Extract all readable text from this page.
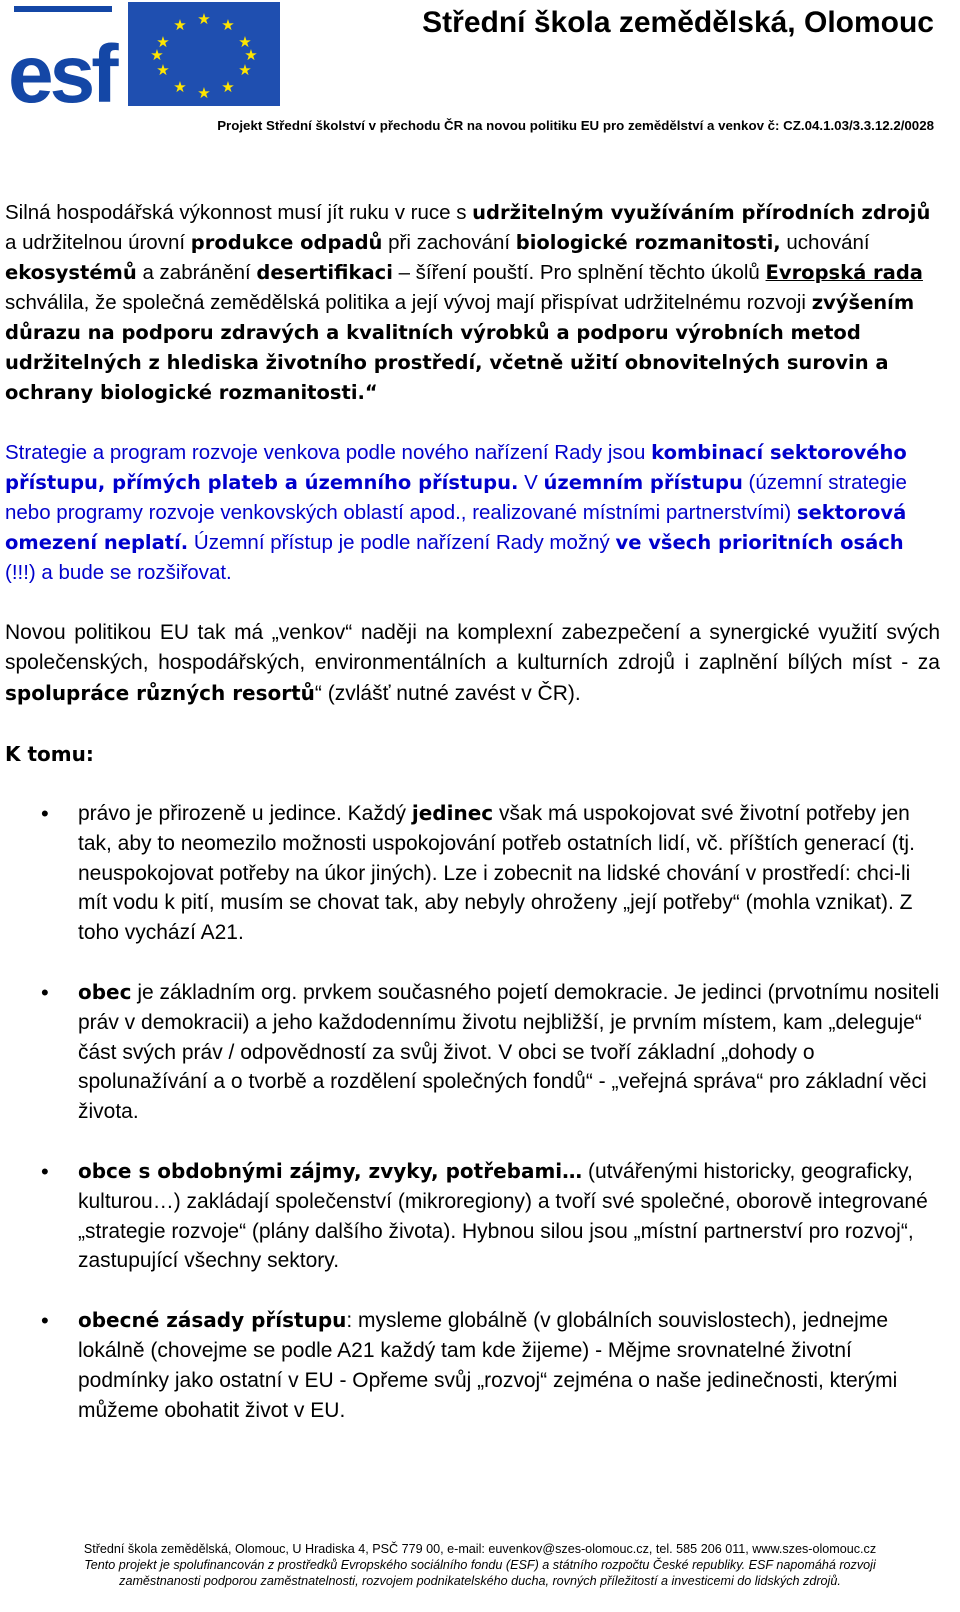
esf
★ ★
★
★
★
★
★
★
★
★
★
★	Střední škola zemědělská, Olomouc
Projekt Střední školství v přechodu ČR na novou politiku EU pro zemědělství a venkov č: CZ.04.1.03/3.3.12.2/0028

Silná hospodářská výkonnost musí jít ruku v ruce s udržitelným využíváním přírodních zdrojů a udržitelnou úrovní produkce odpadů při zachování biologické rozmanitosti, uchování ekosystémů a zabránění desertifikaci – šíření pouští. Pro splnění těchto úkolů Evropská rada schválila, že společná zemědělská politika a její vývoj mají přispívat udržitelnému rozvoji zvýšením důrazu na podporu zdravých a kvalitních výrobků a podporu výrobních metod udržitelných z hlediska životního prostředí, včetně užití obnovitelných surovin a ochrany biologické rozmanitosti.“

Strategie a program rozvoje venkova podle nového nařízení Rady jsou kombinací sektorového přístupu, přímých plateb a územního přístupu. V územním přístupu (územní strategie nebo programy rozvoje venkovských oblastí apod., realizované místními partnerstvími) sektorová omezení neplatí. Územní přístup je podle nařízení Rady možný ve všech prioritních osách (!!!) a bude se rozšiřovat.

Novou politikou EU tak má „venkov“ naději na komplexní zabezpečení a synergické využití svých společenských, hospodářských, environmentálních a kulturních zdrojů i zaplnění bílých míst - za spolupráce různých resortů“ (zvlášť nutné zavést v ČR).

K tomu:

• právo je přirozeně u jedince. Každý jedinec však má uspokojovat své životní potřeby jen tak, aby to neomezilo možnosti uspokojování potřeb ostatních lidí, vč. příštích generací (tj. neuspokojovat potřeby na úkor jiných). Lze i zobecnit na lidské chování v prostředí: chci-li mít vodu k pití, musím se chovat tak, aby nebyly ohroženy „její potřeby“ (mohla vznikat). Z toho vychází A21.
• obec je základním org. prvkem současného pojetí demokracie. Je jedinci (prvotnímu nositeli práv v demokracii) a jeho každodennímu životu nejbližší, je prvním místem, kam „deleguje“ část svých práv / odpovědností za svůj život. V obci se tvoří základní „dohody o spolunažívání a o tvorbě a rozdělení společných fondů“ - „veřejná správa“ pro základní věci života.
• obce s obdobnými zájmy, zvyky, potřebami… (utvářenými historicky, geograficky, kulturou…) zakládají společenství (mikroregiony) a tvoří své společné, oborově integrované „strategie rozvoje“ (plány dalšího života). Hybnou silou jsou „místní partnerství pro rozvoj“, zastupující všechny sektory.
• obecné zásady přístupu: mysleme globálně (v globálních souvislostech), jednejme lokálně (chovejme se podle A21 každý tam kde žijeme) - Mějme srovnatelné životní podmínky jako ostatní v EU - Opřeme svůj „rozvoj“ zejména o naše jedinečnosti, kterými můžeme obohatit život v EU.
Střední škola zemědělská, Olomouc, U Hradiska 4, PSČ 779 00, e-mail: euvenkov@szes-olomouc.cz, tel. 585 206 011, www.szes-olomouc.cz
Tento projekt je spolufinancován z prostředků Evropského sociálního fondu (ESF) a státního rozpočtu České republiky. ESF napomáhá rozvoji
zaměstnanosti podporou zaměstnatelnosti, rozvojem podnikatelského ducha, rovných příležitostí a investicemi do lidských zdrojů.
